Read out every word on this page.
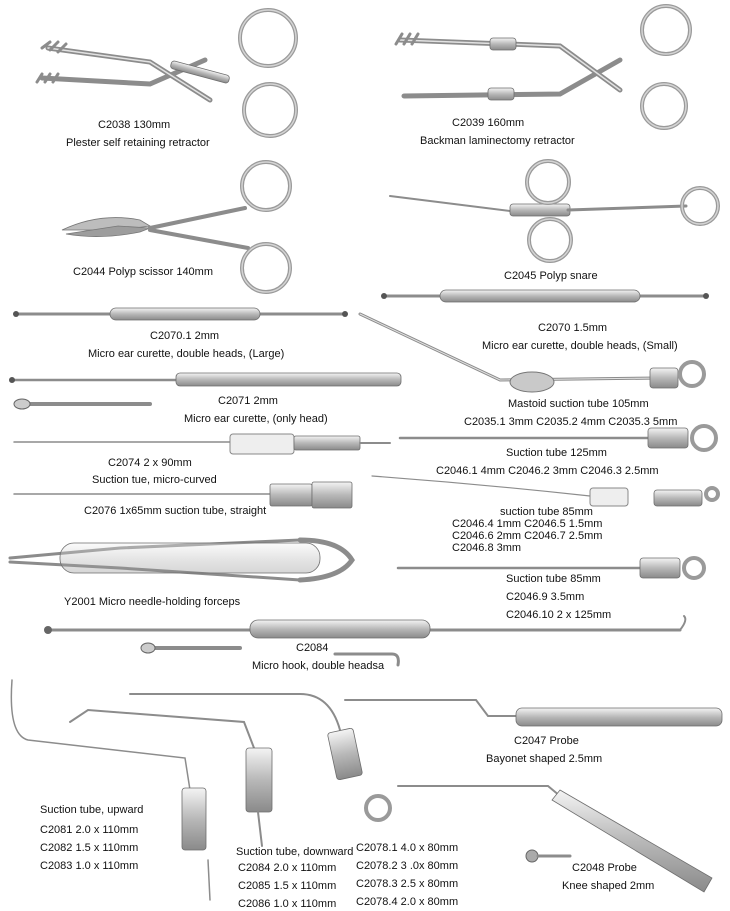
C2038 130mm
Plester self retaining retractor
C2039 160mm
Backman laminectomy retractor
C2044 Polyp scissor 140mm	C2045 Polyp snare
C2070.1 2mm
Micro ear curette, double heads, (Large)
C2070 1.5mm
Micro ear curette, double heads, (Small)
C2071 2mm
Micro ear curette, (only head)
Mastoid suction tube 105mm
C2035.1 3mm C2035.2 4mm C2035.3 5mm
C2074 2 x 90mm
Suction tue, micro-curved
Suction tube 125mm
C2046.1 4mm C2046.2 3mm C2046.3 2.5mm
C2076 1x65mm suction tube, straight	suction tube 85mm
C2046.4 1mm C2046.5 1.5mm
C2046.6 2mm C2046.7 2.5mm
C2046.8 3mm
Y2001 Micro needle-holding forceps
Suction tube 85mm
C2046.9 3.5mm
C2046.10 2 x 125mm
C2084
Micro hook, double headsa
C2047 Probe
Bayonet shaped 2.5mm
Suction tube, upward
C2081 2.0 x 110mm
C2082 1.5 x 110mm
C2083 1.0 x 110mm
Suction tube, downward
C2084 2.0 x 110mm
C2085 1.5 x 110mm
C2086 1.0 x 110mm
C2078.1 4.0 x 80mm
C2078.2 3 .0x 80mm
C2078.3 2.5 x 80mm
C2078.4 2.0 x 80mm
C2048 Probe
Knee shaped 2mm
